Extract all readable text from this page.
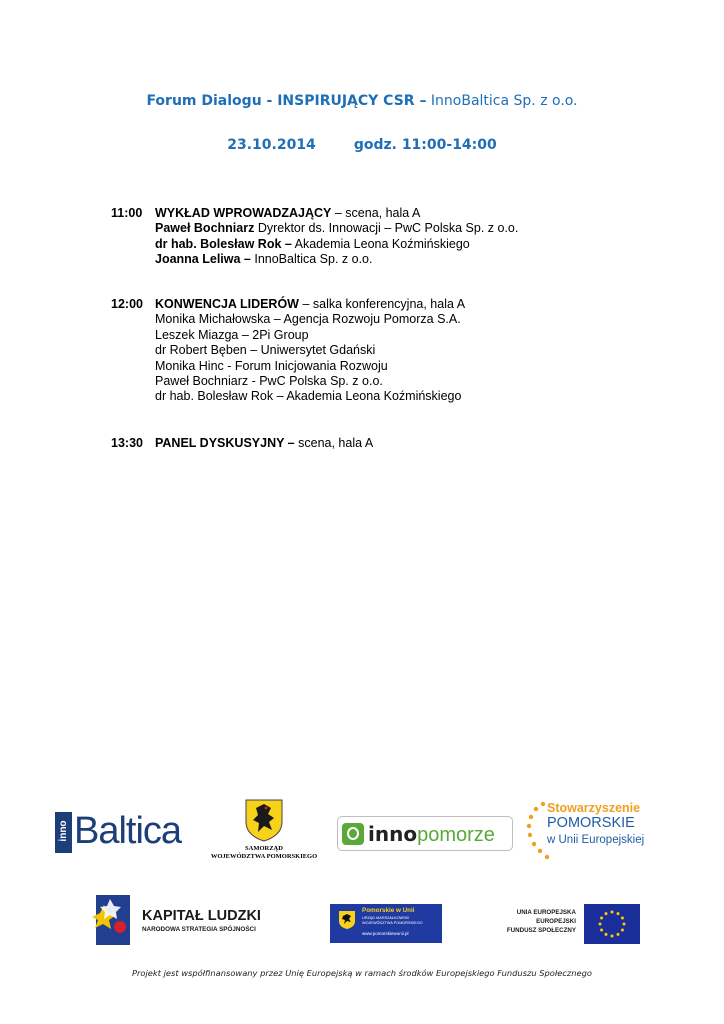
Forum Dialogu - INSPIRUJĄCY CSR – InnoBaltica Sp. z o.o.
23.10.2014	godz. 11:00-14:00
11:00 WYKŁAD WPROWADZAJĄCY – scena, hala A
Paweł Bochniarz Dyrektor ds. Innowacji – PwC Polska Sp. z o.o.
dr hab. Bolesław Rok – Akademia Leona Koźmińskiego
Joanna Leliwa – InnoBaltica Sp. z o.o.
12:00 KONWENCJA LIDERÓW – salka konferencyjna, hala A
Monika Michałowska – Agencja Rozwoju Pomorza S.A.
Leszek Miazga – 2Pi Group
dr Robert Bęben – Uniwersytet Gdański
Monika Hinc - Forum Inicjowania Rozwoju
Paweł Bochniarz - PwC Polska Sp. z o.o.
dr hab. Bolesław Rok – Akademia Leona Koźmińskiego
13:30 PANEL DYSKUSYJNY – scena, hala A
inno Baltica	SAMORZĄD
WOJEWÓDZTWA POMORSKIEGO
innopomorze
Stowarzyszenie
POMORSKIE
w Unii Europejskiej
KAPITAŁ LUDZKI
NARODOWA STRATEGIA SPÓJNOŚCI
Pomorskie w Unii
URZĄD MARSZAŁKOWSKI
WOJEWÓDZTWA POMORSKIEGO
www.pomorskiewunii.pl
UNIA EUROPEJSKA
EUROPEJSKI
FUNDUSZ SPOŁECZNY
Projekt jest współfinansowany przez Unię Europejską w ramach środków Europejskiego Funduszu Społecznego
